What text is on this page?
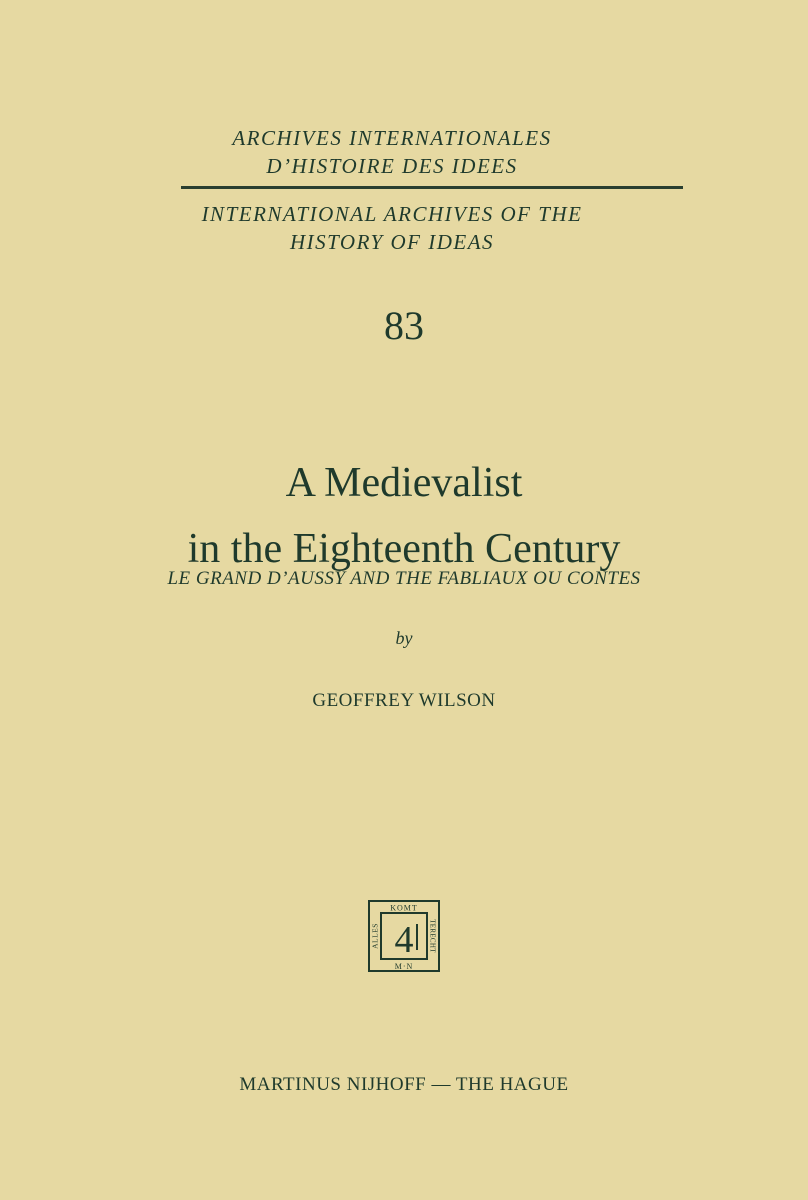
ARCHIVES INTERNATIONALES

D’HISTOIRE DES IDEES

INTERNATIONAL ARCHIVES OF THE

HISTORY OF IDEAS

83
A Medievalist
in the Eighteenth Century
LE GRAND D’AUSSY AND THE FABLIAUX OU CONTES
by
GEOFFREY WILSON
KOMT
M·N
ALLES	TERECHT
4
MARTINUS NIJHOFF — THE HAGUE
